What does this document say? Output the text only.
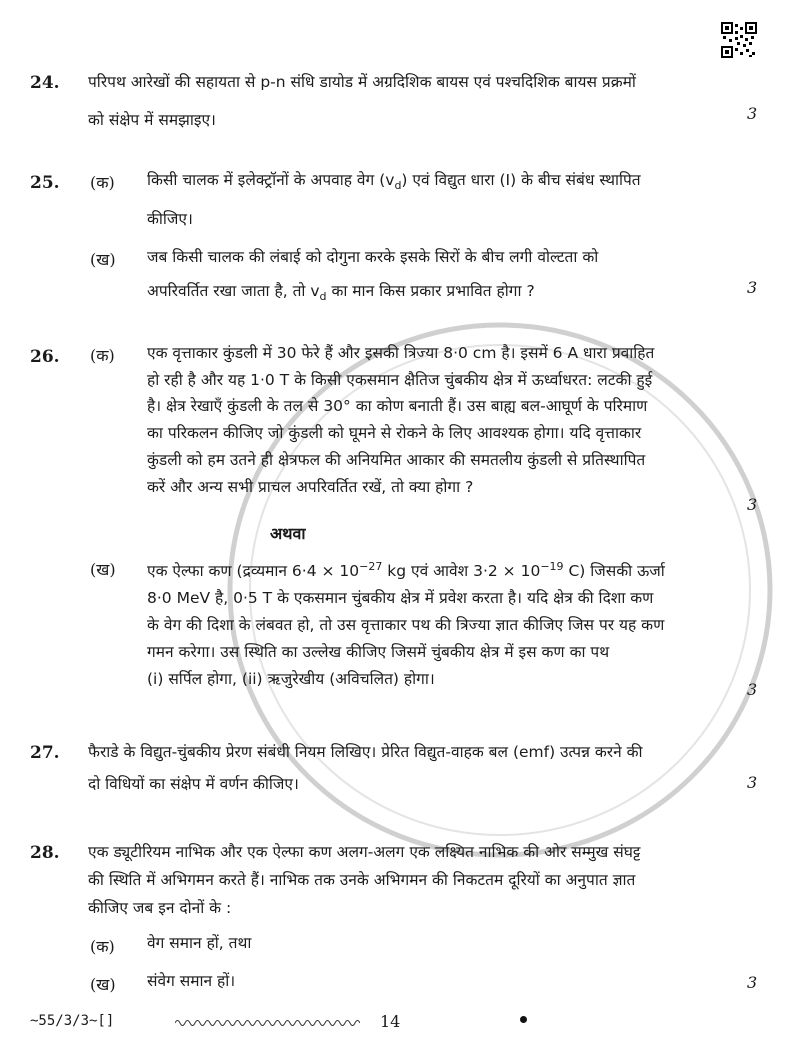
24. परिपथ आरेखों की सहायता से p-n संधि डायोड में अग्रदिशिक बायस एवं पश्चदिशिक बायस प्रक्रमों
को संक्षेप में समझाइए।	3
25. (क) किसी चालक में इलेक्ट्रॉनों के अपवाह वेग $(v_d)$ एवं विद्युत धारा (I) के बीच संबंध स्थापित
कीजिए।
(ख) जब किसी चालक की लंबाई को दोगुना करके इसके सिरों के बीच लगी वोल्टता को
अपरिवर्तित रखा जाता है, तो $v_d$ का मान किस प्रकार प्रभावित होगा ?	3
26. (क) एक वृत्ताकार कुंडली में 30 फेरे हैं और इसकी त्रिज्या 8·0 cm है। इसमें 6 A धारा प्रवाहित
हो रही है और यह 1·0 T के किसी एकसमान क्षैतिज चुंबकीय क्षेत्र में ऊर्ध्वाधरत: लटकी हुई
है। क्षेत्र रेखाएँ कुंडली के तल से 30° का कोण बनाती हैं। उस बाह्य बल-आघूर्ण के परिमाण
का परिकलन कीजिए जो कुंडली को घूमने से रोकने के लिए आवश्यक होगा। यदि वृत्ताकार
कुंडली को हम उतने ही क्षेत्रफल की अनियमित आकार की समतलीय कुंडली से प्रतिस्थापित
करें और अन्य सभी प्राचल अपरिवर्तित रखें, तो क्या होगा ?
3
अथवा
(ख) एक ऐल्फा कण (द्रव्यमान $6\cdot 4 \times 10^{-27}$ kg एवं आवेश $3\cdot 2 \times 10^{-19}$ C) जिसकी ऊर्जा
8·0 MeV है, 0·5 T के एकसमान चुंबकीय क्षेत्र में प्रवेश करता है। यदि क्षेत्र की दिशा कण
के वेग की दिशा के लंबवत हो, तो उस वृत्ताकार पथ की त्रिज्या ज्ञात कीजिए जिस पर यह कण
गमन करेगा। उस स्थिति का उल्लेख कीजिए जिसमें चुंबकीय क्षेत्र में इस कण का पथ
(i) सर्पिल होगा, (ii) ऋजुरेखीय (अविचलित) होगा।
3
27. फैराडे के विद्युत-चुंबकीय प्रेरण संबंधी नियम लिखिए। प्रेरित विद्युत-वाहक बल (emf) उत्पन्न करने की
दो विधियों का संक्षेप में वर्णन कीजिए।	3
28. एक ड्यूटीरियम नाभिक और एक ऐल्फा कण अलग-अलग एक लक्ष्यित नाभिक की ओर सम्मुख संघट्ट
की स्थिति में अभिगमन करते हैं। नाभिक तक उनके अभिगमन की निकटतम दूरियों का अनुपात ज्ञात
कीजिए जब इन दोनों के :
(क) वेग समान हों, तथा
(ख) संवेग समान हों।	3
~55/3/3~[]	14
